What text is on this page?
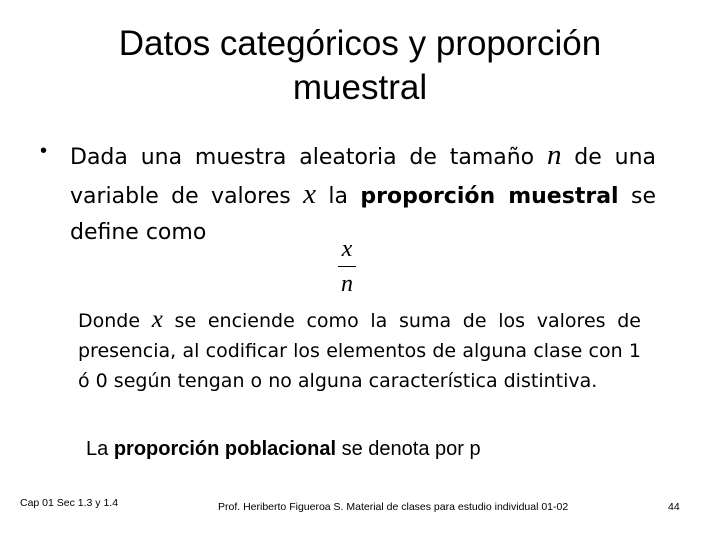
Datos categóricos y proporción muestral
• Dada una muestra aleatoria de tamaño n de una variable de valores x la proporción muestral se define como
x
n
Donde x se enciende como la suma de los valores de presencia, al codificar los elementos de alguna clase con 1 ó 0 según tengan o no alguna característica distintiva.
La proporción poblacional se denota por p
Cap 01 Sec 1.3 y 1.4	Prof. Heriberto Figueroa S. Material de clases para estudio individual 01-02	44
